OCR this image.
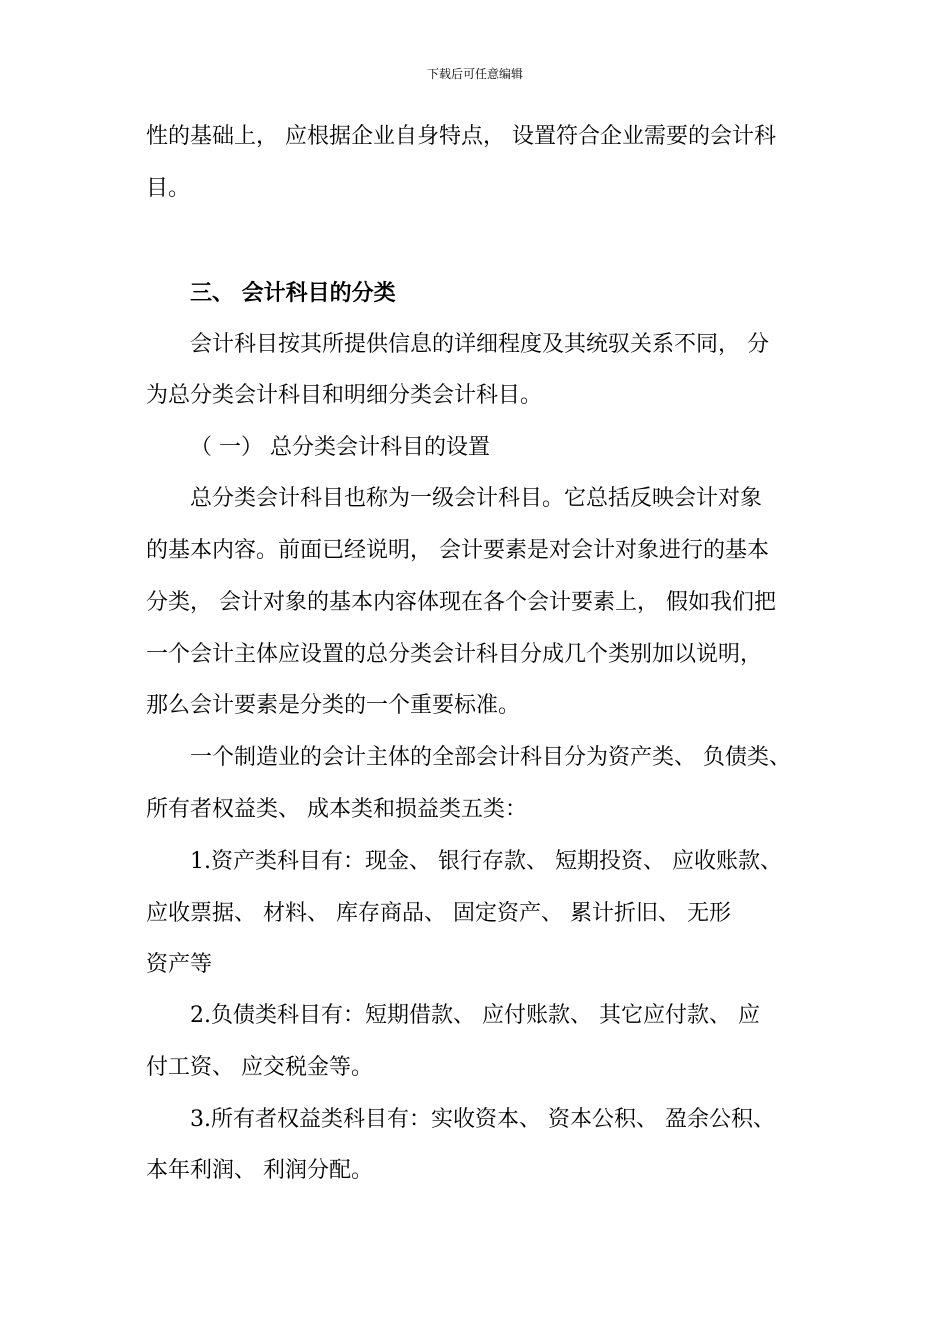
下载后可任意编辑
性的基础上， 应根据企业自身特点， 设置符合企业需要的会计科
目。
三、 会计科目的分类
会计科目按其所提供信息的详细程度及其统驭关系不同， 分
为总分类会计科目和明细分类会计科目。
（ 一） 总分类会计科目的设置
总分类会计科目也称为一级会计科目。它总括反映会计对象
的基本内容。前面已经说明， 会计要素是对会计对象进行的基本
分类， 会计对象的基本内容体现在各个会计要素上， 假如我们把
一个会计主体应设置的总分类会计科目分成几个类别加以说明，
那么会计要素是分类的一个重要标准。
一个制造业的会计主体的全部会计科目分为资产类、 负债类、
所有者权益类、 成本类和损益类五类：
1.资产类科目有：现金、 银行存款、 短期投资、 应收账款、
应收票据、 材料、 库存商品、 固定资产、 累计折旧、 无形
资产等
2.负债类科目有：短期借款、 应付账款、 其它应付款、 应
付工资、 应交税金等。
3.所有者权益类科目有：实收资本、 资本公积、 盈余公积、
本年利润、 利润分配。
